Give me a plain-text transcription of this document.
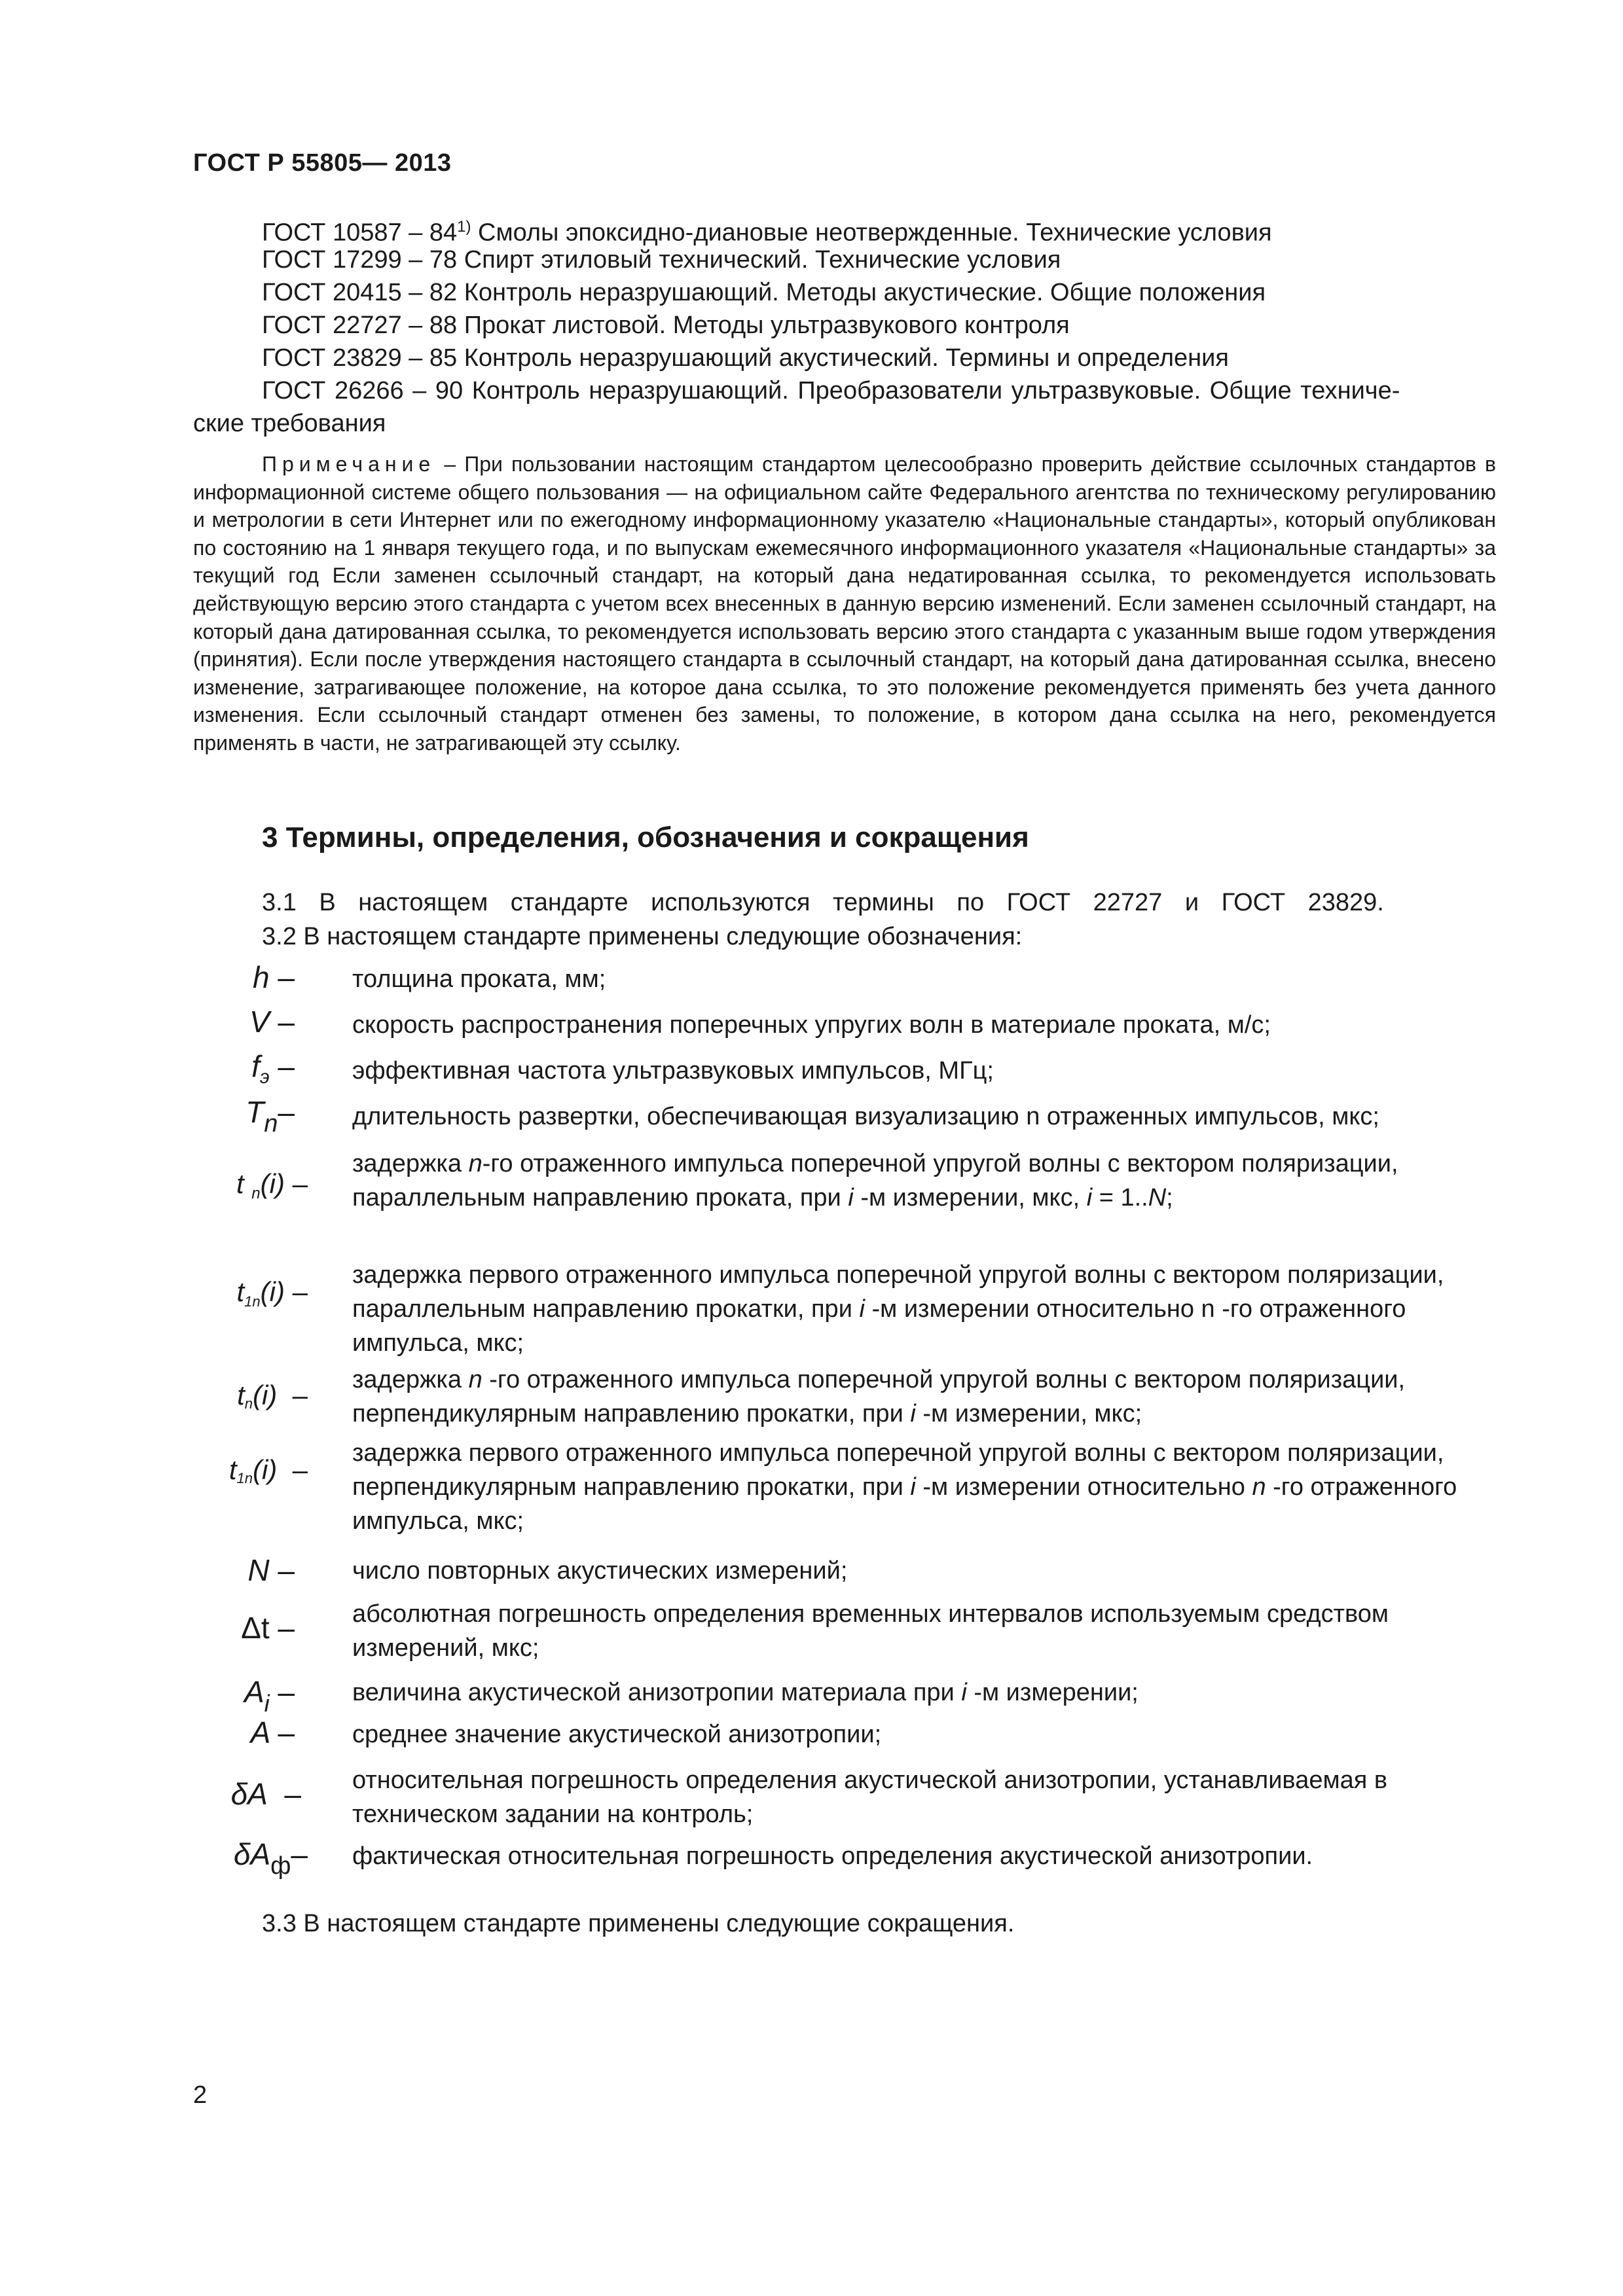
ГОСТ Р 55805— 2013
ГОСТ 10587 – 84$^{1)}$ Смолы эпоксидно-диановые неотвержденные. Технические условия
ГОСТ 17299 – 78 Спирт этиловый технический. Технические условия
ГОСТ 20415 – 82 Контроль неразрушающий. Методы акустические. Общие положения
ГОСТ 22727 – 88 Прокат листовой. Методы ультразвукового контроля
ГОСТ 23829 – 85 Контроль неразрушающий акустический. Термины и определения
ГОСТ 26266 – 90 Контроль неразрушающий. Преобразователи ультразвуковые. Общие техниче-
ские требования
Примечание – При пользовании настоящим стандартом целесообразно проверить действие ссылочных стандартов в информационной системе общего пользования — на официальном сайте Федерального агентства по техническому регулированию и метрологии в сети Интернет или по ежегодному информационному указателю «Национальные стандарты», который опубликован по состоянию на 1 января текущего года, и по выпускам ежемесячного информационного указателя «Национальные стандарты» за текущий год Если заменен ссылочный стандарт, на который дана недатированная ссылка, то рекомендуется использовать действующую версию этого стандарта с учетом всех внесенных в данную версию изменений. Если заменен ссылочный стандарт, на который дана датированная ссылка, то рекомендуется использовать версию этого стандарта с указанным выше годом утверждения (принятия). Если после утверждения настоящего стандарта в ссылочный стандарт, на который дана датированная ссылка, внесено изменение, затрагивающее положение, на которое дана ссылка, то это положение рекомендуется применять без учета данного изменения. Если ссылочный стандарт отменен без замены, то положение, в котором дана ссылка на него, рекомендуется применять в части, не затрагивающей эту ссылку.
3 Термины, определения, обозначения и сокращения
3.1 В настоящем стандарте используются термины по ГОСТ 22727 и ГОСТ 23829.
3.2 В настоящем стандарте применены следующие обозначения:
h – толщина проката, мм;
V – скорость распространения поперечных упругих волн в материале проката, м/с;
$f_э$ – эффективная частота ультразвуковых импульсов, МГц;
$T_n-$ длительность развертки, обеспечивающая визуализацию n отраженных импульсов, мкс;
t n(i) –
задержка n-го отраженного импульса поперечной упругой волны с вектором поляризации, параллельным направлению проката, при i -м измерении, мкс, i = 1..N;
t1n(i) –
задержка первого отраженного импульса поперечной упругой волны с вектором поляризации, параллельным направлению прокатки, при i -м измерении относительно n -го отраженного импульса, мкс;
tn(i) – задержка n -го отраженного импульса поперечной упругой волны с вектором поляризации, перпендикулярным направлению прокатки, при i -м измерении, мкс;
t1n(i) –
задержка первого отраженного импульса поперечной упругой волны с вектором поляризации, перпендикулярным направлению прокатки, при i -м измерении относительно n -го отраженного импульса, мкс;
N – число повторных акустических измерений;
Δt – абсолютная погрешность определения временных интервалов используемым средством измерений, мкс;
$A_i$ – величина акустической анизотропии материала при i -м измерении;
A – среднее значение акустической анизотропии;
δA – относительная погрешность определения акустической анизотропии, устанавливаемая в техническом задании на контроль;
$\delta A_ф-$ фактическая относительная погрешность определения акустической анизотропии.
3.3 В настоящем стандарте применены следующие сокращения.
2
